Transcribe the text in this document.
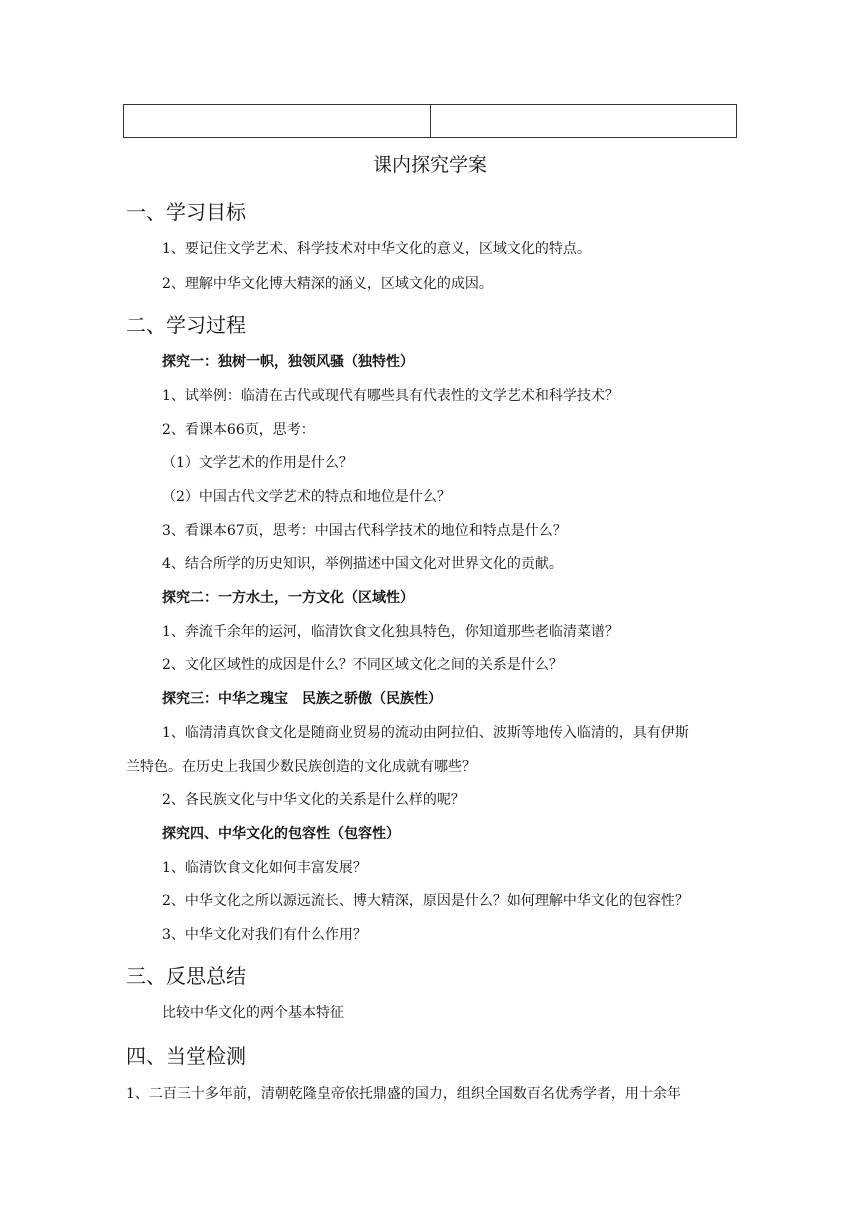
课内探究学案
一、学习目标
1、要记住文学艺术、科学技术对中华文化的意义，区域文化的特点。
2、理解中华文化博大精深的涵义，区域文化的成因。
二、学习过程
探究一：独树一帜，独领风骚（独特性）
1、试举例：临清在古代或现代有哪些具有代表性的文学艺术和科学技术？
2、看课本66页，思考：
（1）文学艺术的作用是什么？
（2）中国古代文学艺术的特点和地位是什么？
3、看课本67页，思考：中国古代科学技术的地位和特点是什么？
4、结合所学的历史知识，举例描述中国文化对世界文化的贡献。
探究二：一方水土，一方文化（区域性）
1、奔流千余年的运河，临清饮食文化独具特色，你知道那些老临清菜谱？
2、文化区域性的成因是什么？不同区域文化之间的关系是什么？
探究三：中华之瑰宝　民族之骄傲（民族性）
1、临清清真饮食文化是随商业贸易的流动由阿拉伯、波斯等地传入临清的，具有伊斯
兰特色。在历史上我国少数民族创造的文化成就有哪些？
2、各民族文化与中华文化的关系是什么样的呢？
探究四、中华文化的包容性（包容性）
1、临清饮食文化如何丰富发展？
2、中华文化之所以源远流长、博大精深，原因是什么？如何理解中华文化的包容性？
3、中华文化对我们有什么作用？
三、反思总结
比较中华文化的两个基本特征
四、当堂检测
1、二百三十多年前，清朝乾隆皇帝依托鼎盛的国力，组织全国数百名优秀学者，用十余年
